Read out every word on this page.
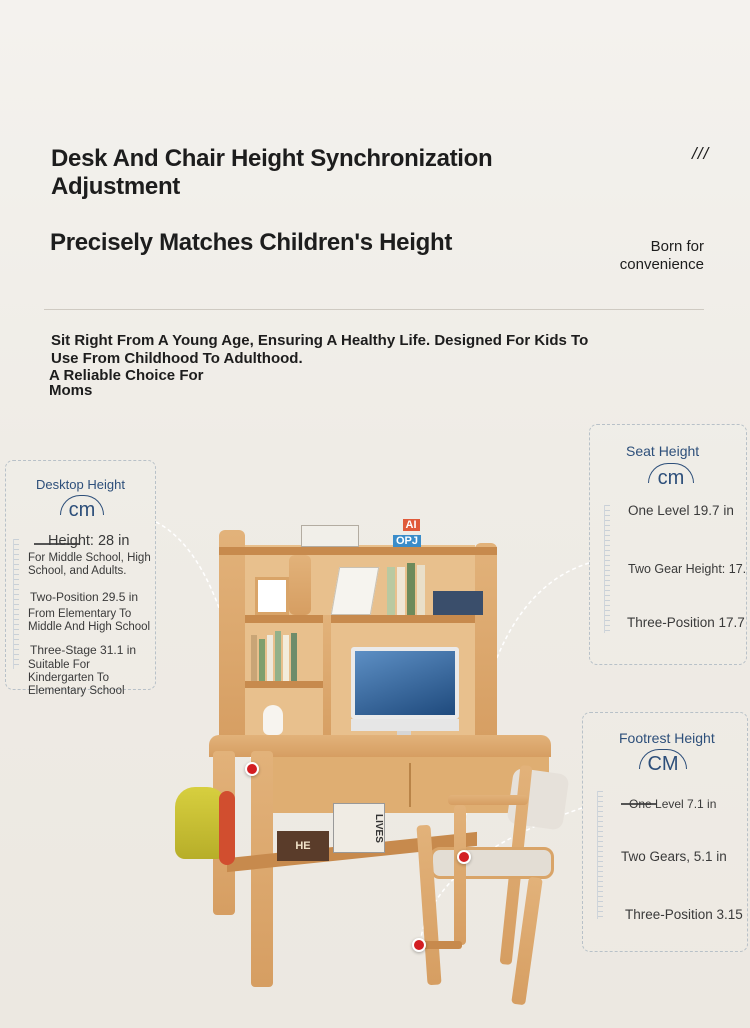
Desk And Chair Height Synchronization Adjustment
Precisely Matches Children's Height
///
Born for convenience
Sit Right From A Young Age, Ensuring A Healthy Life. Designed For Kids To Use From Childhood To Adulthood.
A Reliable Choice For Moms
Desktop Height
cm
Height: 28 in
For Middle School, High School, and Adults.
Two-Position 29.5 in
From Elementary To Middle And High School
Three-Stage 31.1 in
Suitable For Kindergarten To Elementary School
Seat Height
cm
One Level 19.7 in
Two Gear Height: 17.
Three-Position 17.7
Footrest Height
CM
One Level 7.1 in
Two Gears, 5.1 in
Three-Position 3.15
AI
OPJ
LIVES
HE
